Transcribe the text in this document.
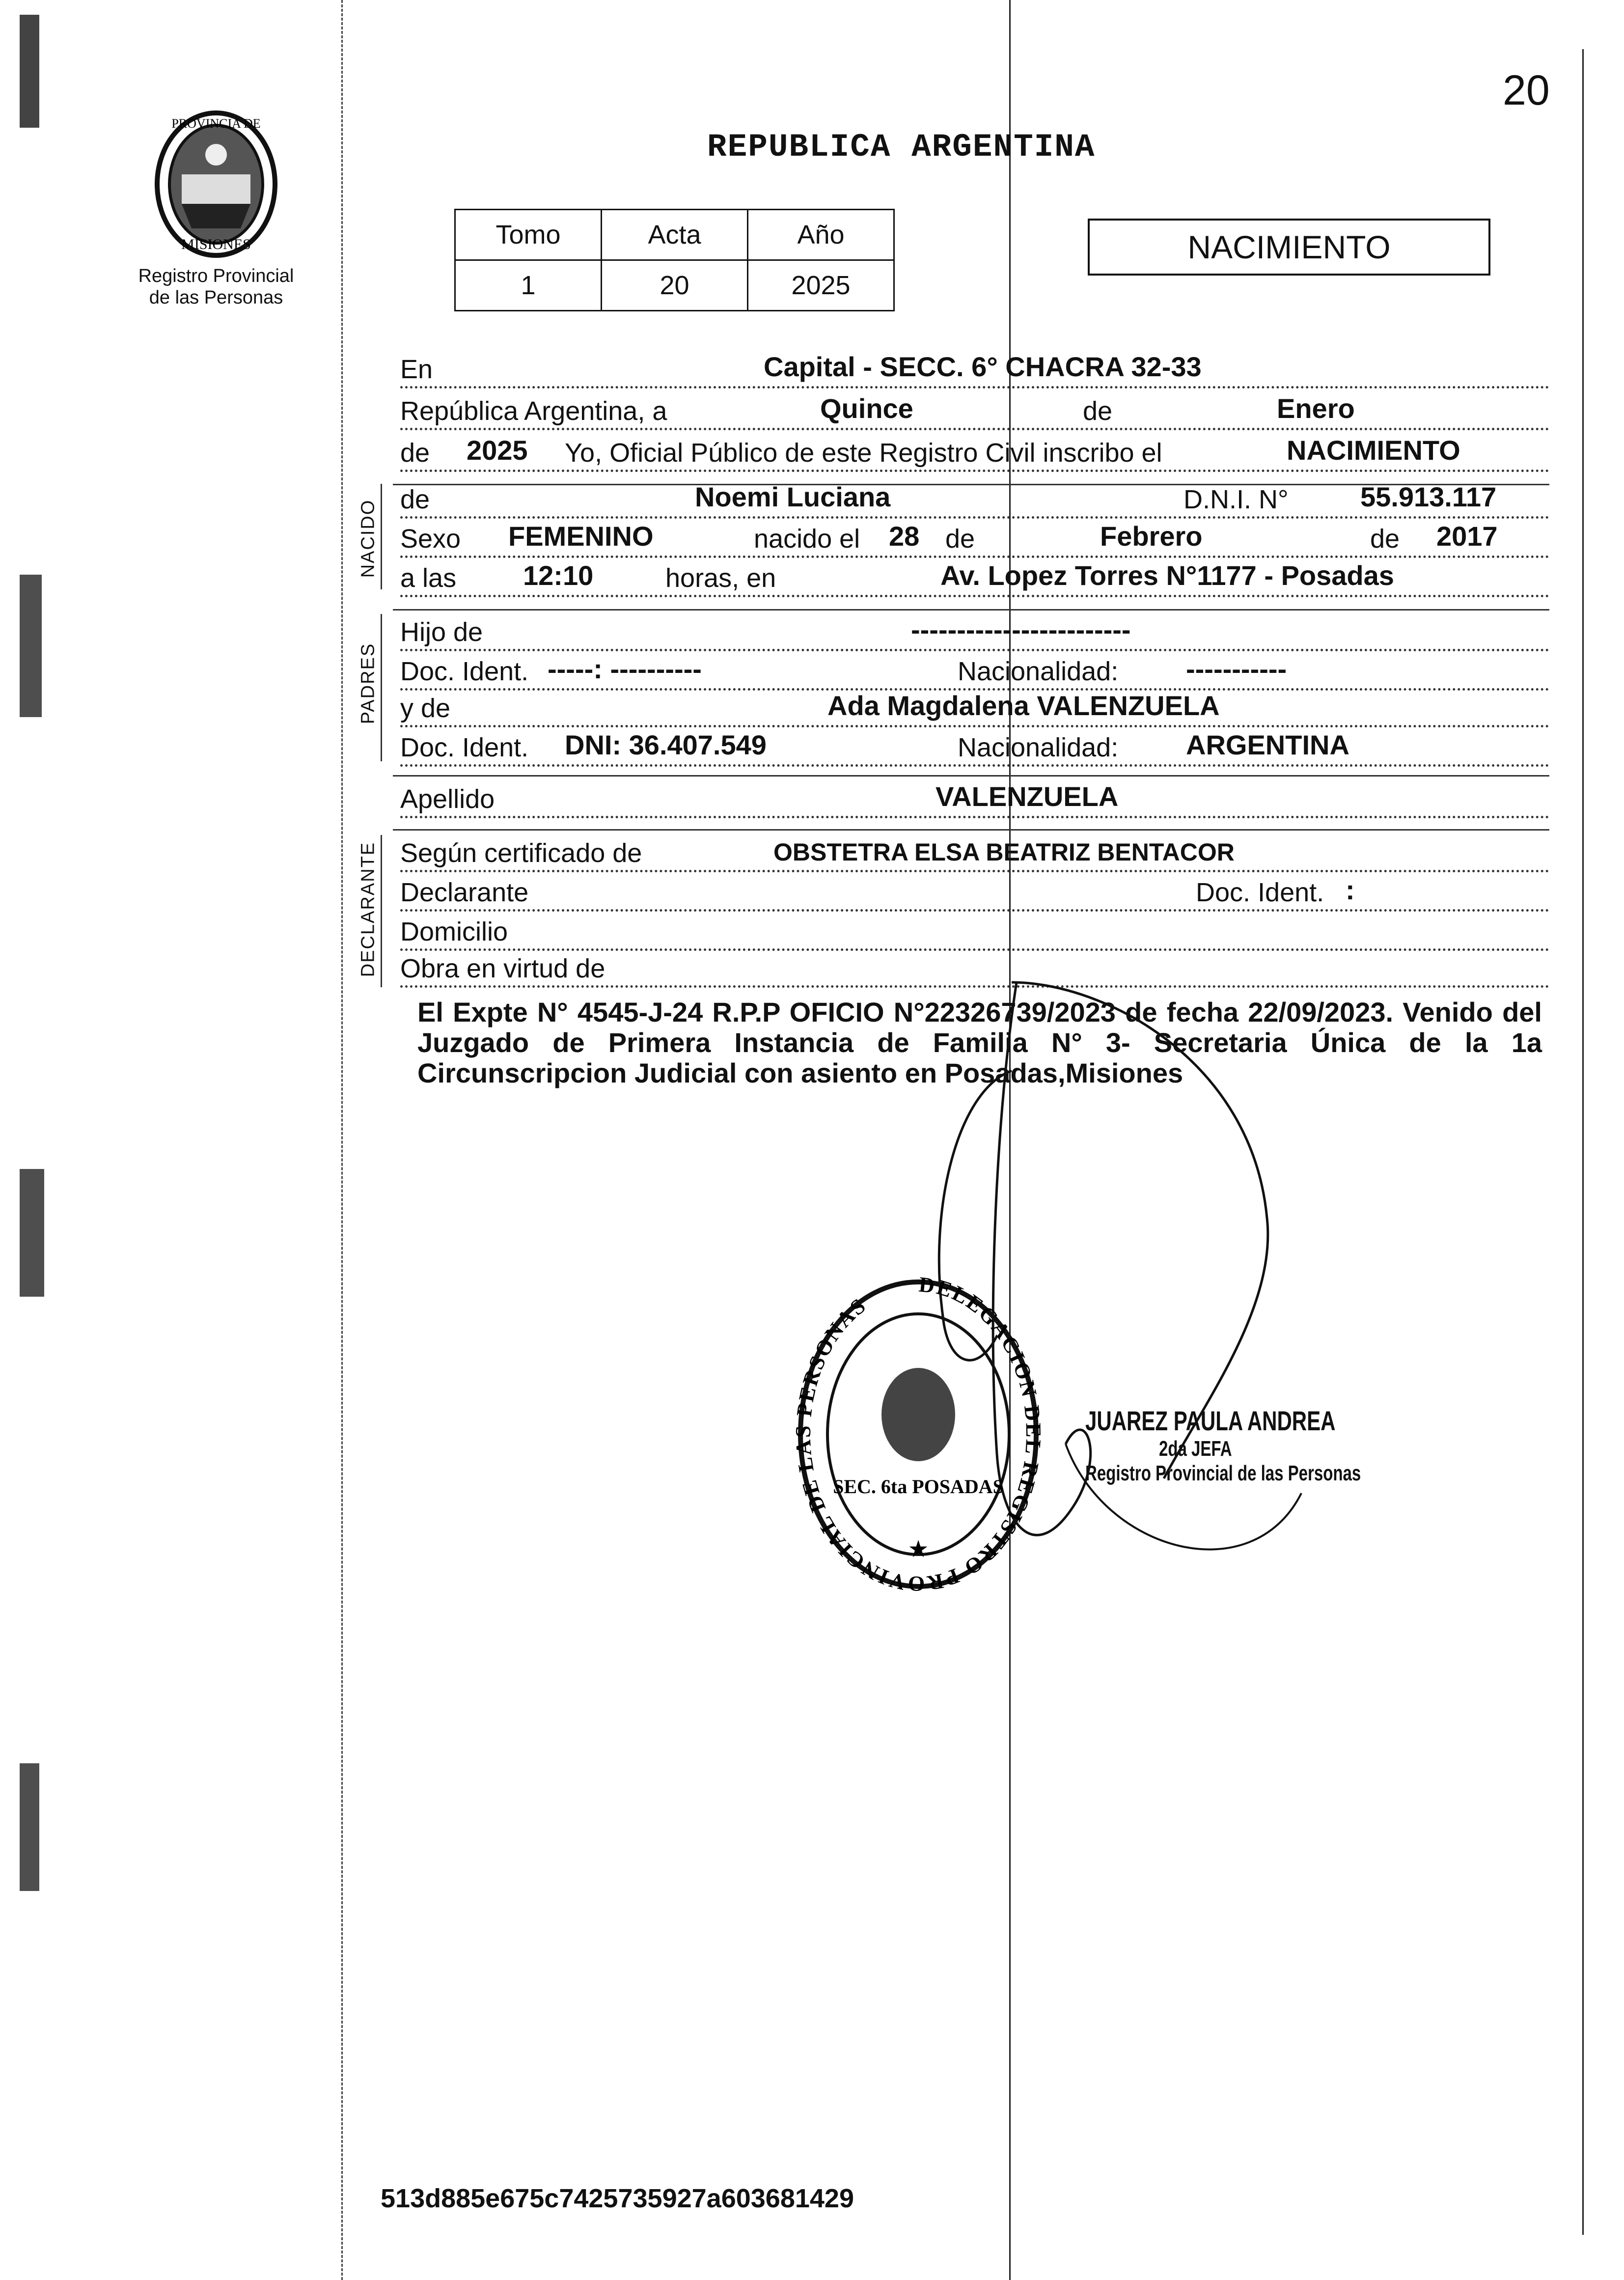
PROVINCIA DE
MISIONES
Registro Provincial
de las Personas
20
REPUBLICA ARGENTINA
Tomo	Acta	Año
1	20	2025
NACIMIENTO
En	Capital - SECC. 6° CHACRA 32-33
República Argentina, a	Quince	de	Enero
de 2025 Yo, Oficial Público de este Registro Civil inscribo el	NACIMIENTO
NACIDO de	Noemi Luciana	D.N.I. N°	55.913.117
Sexo FEMENINO	nacido el 28 de	Febrero	de 2017
a las 12:10	horas, en	Av. Lopez Torres N°1177 - Posadas
PADRES
Hijo de	------------------------
Doc. Ident. -----: ----------	Nacionalidad: -----------
y de	Ada Magdalena VALENZUELA
Doc. Ident. DNI: 36.407.549	Nacionalidad: ARGENTINA
Apellido	VALENZUELA
DECLARANTE Según certificado de	OBSTETRA ELSA BEATRIZ BENTACOR
Declarante	Doc. Ident. :
Domicilio
Obra en virtud de
El Expte N° 4545-J-24 R.P.P OFICIO N°22326739/2023 de fecha 22/09/2023. Venido del Juzgado de Primera Instancia de Familia N° 3- Secretaria Única de la 1a Circunscripcion Judicial con asiento en Posadas,Misiones
DELEGACION DEL REGISTRO PROVINCIAL DE LAS PERSONAS
SEC. 6ta POSADAS
★
JUAREZ PAULA ANDREA
2da JEFA
Registro Provincial de las Personas
513d885e675c7425735927a603681429
